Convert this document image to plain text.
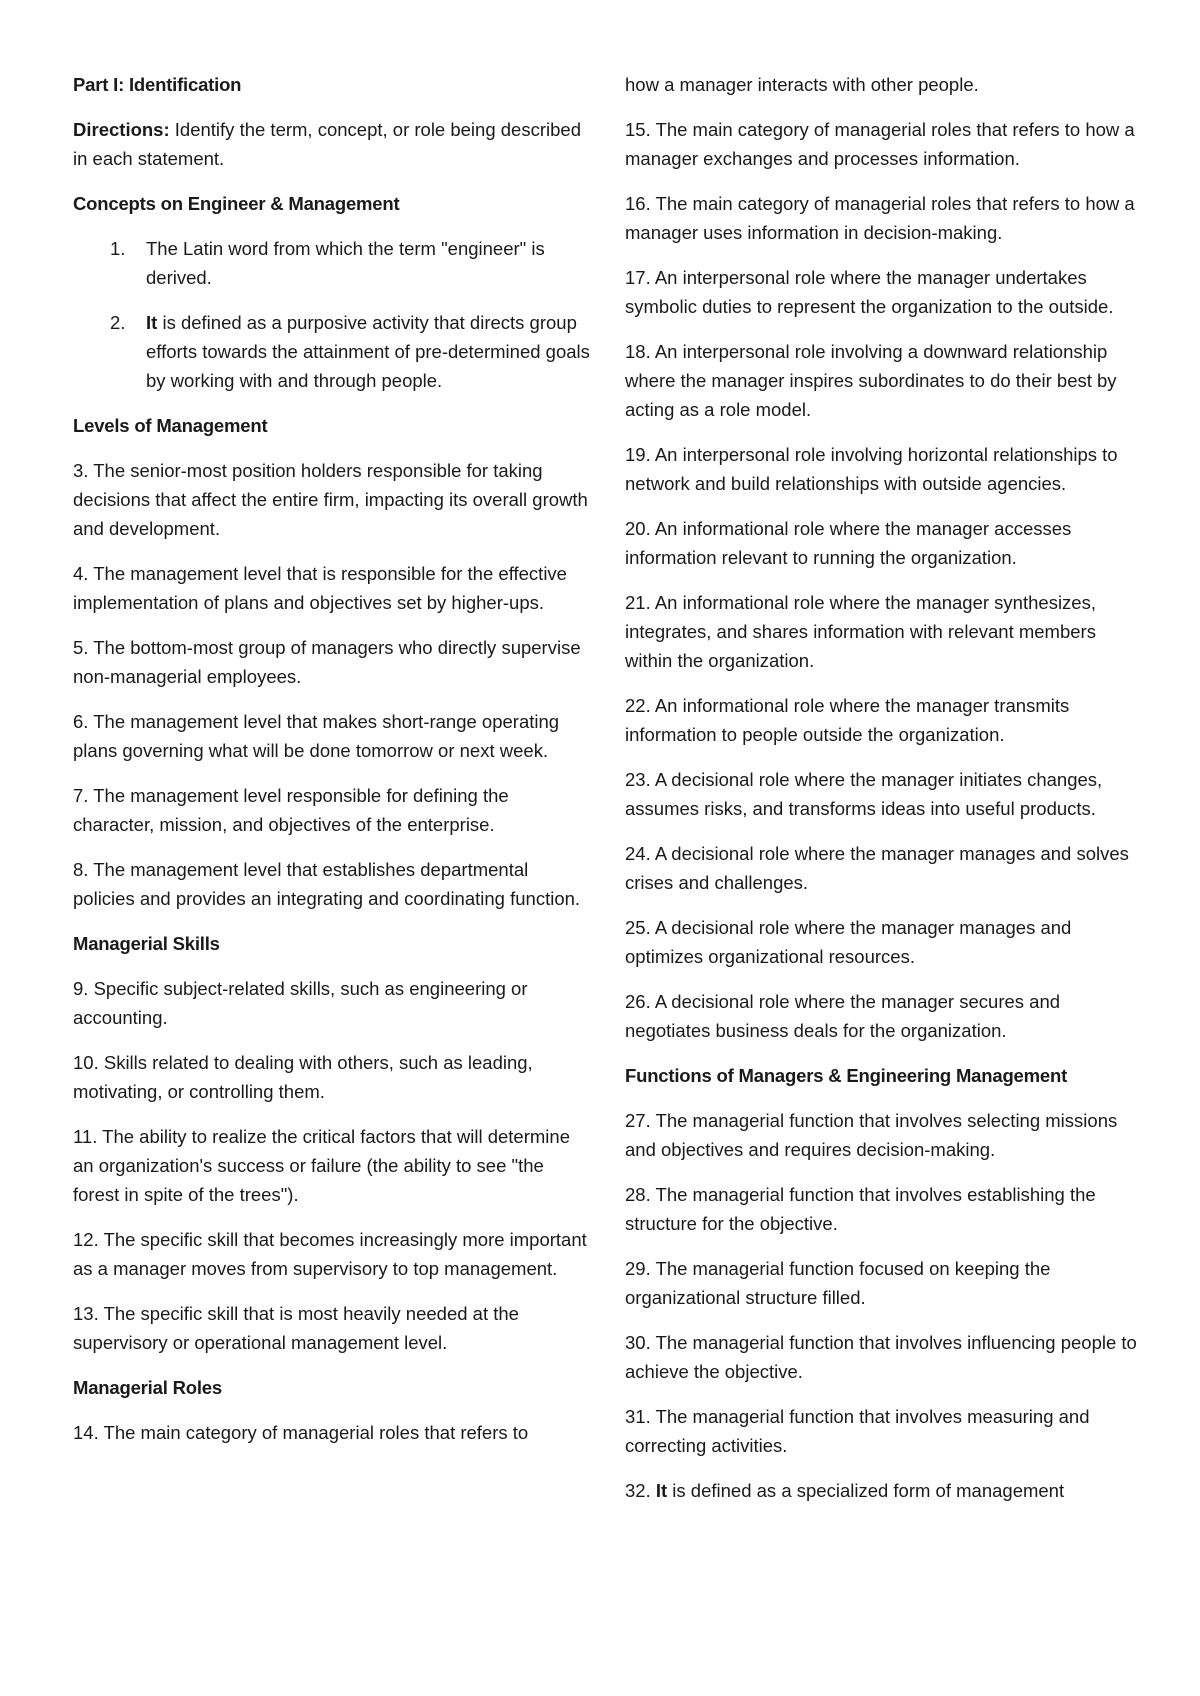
Part I: Identification
Directions: Identify the term, concept, or role being described in each statement.
Concepts on Engineer & Management
1. The Latin word from which the term "engineer" is derived.
2. It is defined as a purposive activity that directs group efforts towards the attainment of pre-determined goals by working with and through people.
Levels of Management
3. The senior-most position holders responsible for taking decisions that affect the entire firm, impacting its overall growth and development.
4. The management level that is responsible for the effective implementation of plans and objectives set by higher-ups.
5. The bottom-most group of managers who directly supervise non-managerial employees.
6. The management level that makes short-range operating plans governing what will be done tomorrow or next week.
7. The management level responsible for defining the character, mission, and objectives of the enterprise.
8. The management level that establishes departmental policies and provides an integrating and coordinating function.
Managerial Skills
9. Specific subject-related skills, such as engineering or accounting.
10. Skills related to dealing with others, such as leading, motivating, or controlling them.
11. The ability to realize the critical factors that will determine an organization's success or failure (the ability to see "the forest in spite of the trees").
12. The specific skill that becomes increasingly more important as a manager moves from supervisory to top management.
13. The specific skill that is most heavily needed at the supervisory or operational management level.
Managerial Roles
14. The main category of managerial roles that refers to
how a manager interacts with other people.
15. The main category of managerial roles that refers to how a manager exchanges and processes information.
16. The main category of managerial roles that refers to how a manager uses information in decision-making.
17. An interpersonal role where the manager undertakes symbolic duties to represent the organization to the outside.
18. An interpersonal role involving a downward relationship where the manager inspires subordinates to do their best by acting as a role model.
19. An interpersonal role involving horizontal relationships to network and build relationships with outside agencies.
20. An informational role where the manager accesses information relevant to running the organization.
21. An informational role where the manager synthesizes, integrates, and shares information with relevant members within the organization.
22. An informational role where the manager transmits information to people outside the organization.
23. A decisional role where the manager initiates changes, assumes risks, and transforms ideas into useful products.
24. A decisional role where the manager manages and solves crises and challenges.
25. A decisional role where the manager manages and optimizes organizational resources.
26. A decisional role where the manager secures and negotiates business deals for the organization.
Functions of Managers & Engineering Management
27. The managerial function that involves selecting missions and objectives and requires decision-making.
28. The managerial function that involves establishing the structure for the objective.
29. The managerial function focused on keeping the organizational structure filled.
30. The managerial function that involves influencing people to achieve the objective.
31. The managerial function that involves measuring and correcting activities.
32. It is defined as a specialized form of management
